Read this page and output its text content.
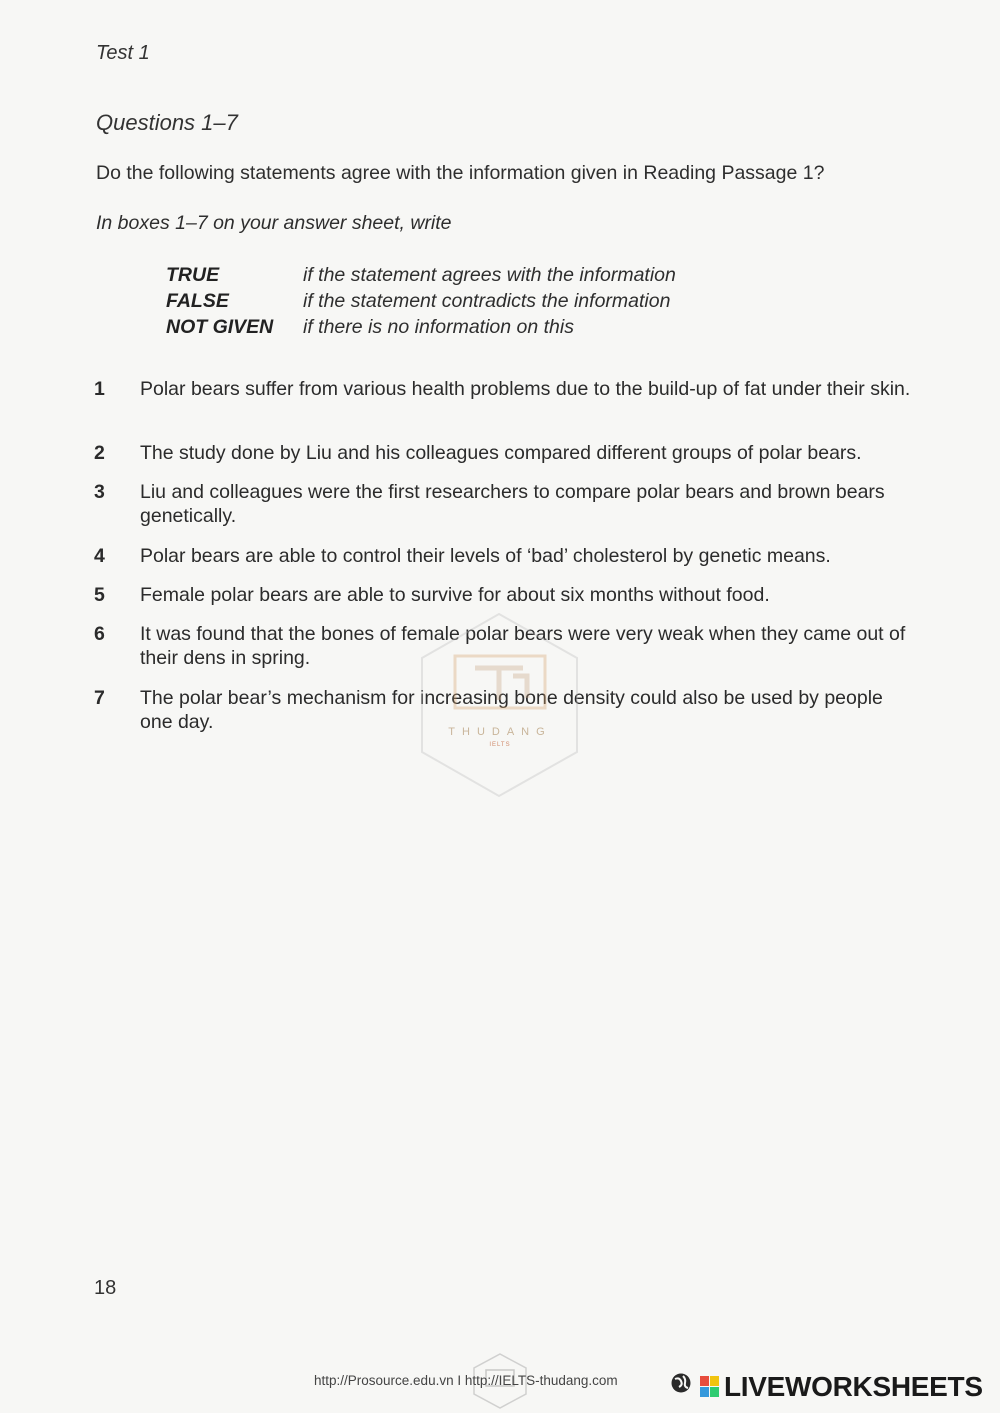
Test 1
Questions 1–7
Do the following statements agree with the information given in Reading Passage 1?
In boxes 1–7 on your answer sheet, write
TRUE	if the statement agrees with the information
FALSE	if the statement contradicts the information
NOT GIVEN	if there is no information on this
1	Polar bears suffer from various health problems due to the build-up of fat under their skin.
2	The study done by Liu and his colleagues compared different groups of polar bears.
3	Liu and colleagues were the first researchers to compare polar bears and brown bears genetically.
4	Polar bears are able to control their levels of ‘bad’ cholesterol by genetic means.
5	Female polar bears are able to survive for about six months without food.
6	It was found that the bones of female polar bears were very weak when they came out of their dens in spring.
7	The polar bear’s mechanism for increasing bone density could also be used by people one day.	THUDANG
IELTS
18
http://Prosource.edu.vn I http://IELTS-thudang.com	LIVEWORKSHEETS
